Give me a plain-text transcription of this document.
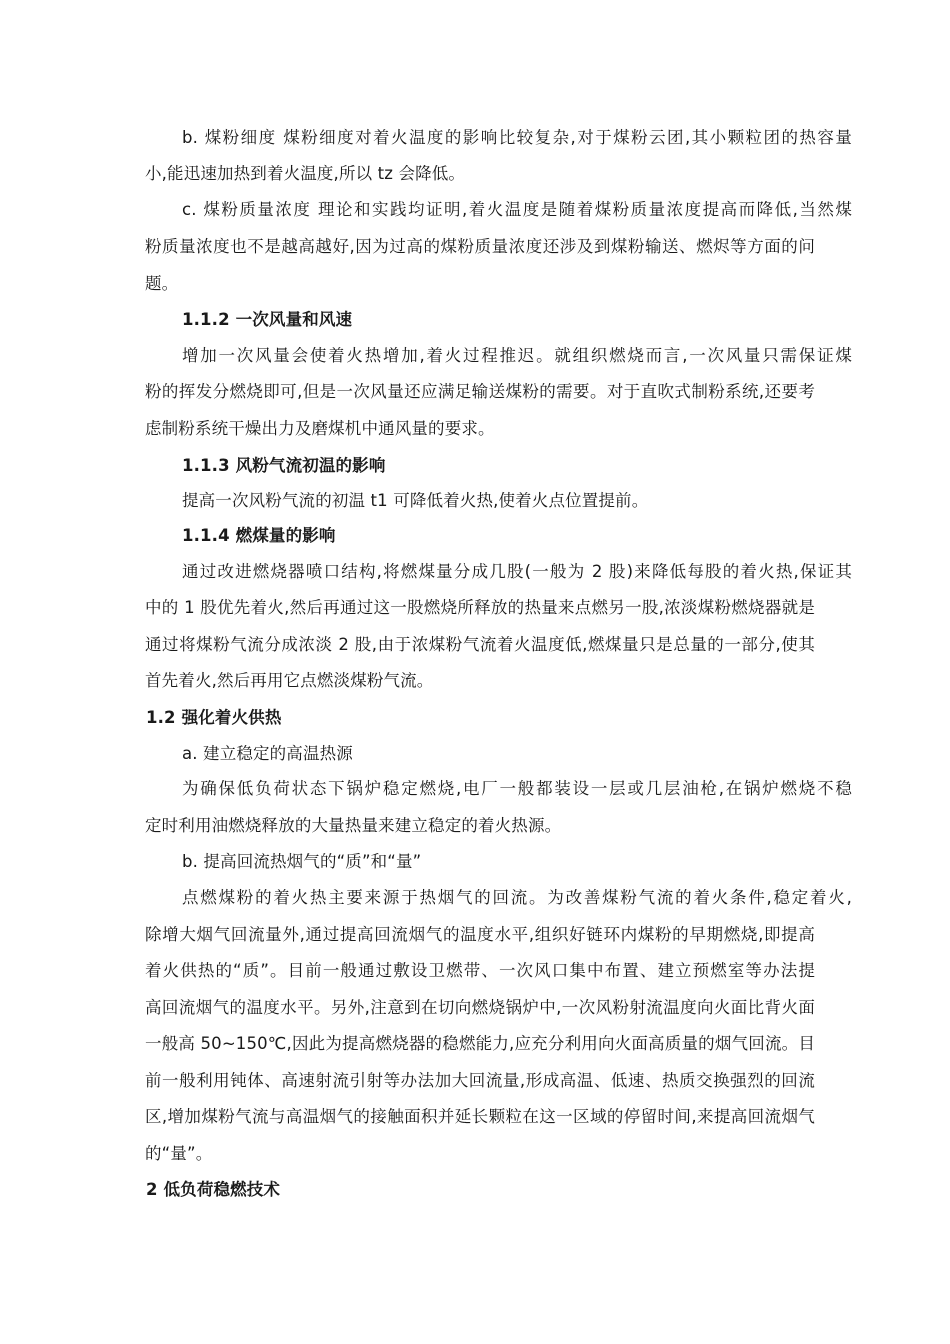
b. 煤粉细度 煤粉细度对着火温度的影响比较复杂,对于煤粉云团,其小颗粒团的热容量
小,能迅速加热到着火温度,所以 tz 会降低。
c. 煤粉质量浓度 理论和实践均证明,着火温度是随着煤粉质量浓度提高而降低,当然煤
粉质量浓度也不是越高越好,因为过高的煤粉质量浓度还涉及到煤粉输送、燃烬等方面的问
题。
1.1.2 一次风量和风速
增加一次风量会使着火热增加,着火过程推迟。就组织燃烧而言,一次风量只需保证煤
粉的挥发分燃烧即可,但是一次风量还应满足输送煤粉的需要。对于直吹式制粉系统,还要考
虑制粉系统干燥出力及磨煤机中通风量的要求。
1.1.3 风粉气流初温的影响
提高一次风粉气流的初温 t1 可降低着火热,使着火点位置提前。
1.1.4 燃煤量的影响
通过改进燃烧器喷口结构,将燃煤量分成几股(一般为 2 股)来降低每股的着火热,保证其
中的 1 股优先着火,然后再通过这一股燃烧所释放的热量来点燃另一股,浓淡煤粉燃烧器就是
通过将煤粉气流分成浓淡 2 股,由于浓煤粉气流着火温度低,燃煤量只是总量的一部分,使其
首先着火,然后再用它点燃淡煤粉气流。
1.2 强化着火供热
a. 建立稳定的高温热源
为确保低负荷状态下锅炉稳定燃烧,电厂一般都装设一层或几层油枪,在锅炉燃烧不稳
定时利用油燃烧释放的大量热量来建立稳定的着火热源。
b. 提高回流热烟气的“质”和“量”
点燃煤粉的着火热主要来源于热烟气的回流。为改善煤粉气流的着火条件,稳定着火,
除增大烟气回流量外,通过提高回流烟气的温度水平,组织好链环内煤粉的早期燃烧,即提高
着火供热的“质”。目前一般通过敷设卫燃带、一次风口集中布置、建立预燃室等办法提
高回流烟气的温度水平。另外,注意到在切向燃烧锅炉中,一次风粉射流温度向火面比背火面
一般高 50~150℃,因此为提高燃烧器的稳燃能力,应充分利用向火面高质量的烟气回流。目
前一般利用钝体、高速射流引射等办法加大回流量,形成高温、低速、热质交换强烈的回流
区,增加煤粉气流与高温烟气的接触面积并延长颗粒在这一区域的停留时间,来提高回流烟气
的“量”。
2 低负荷稳燃技术
